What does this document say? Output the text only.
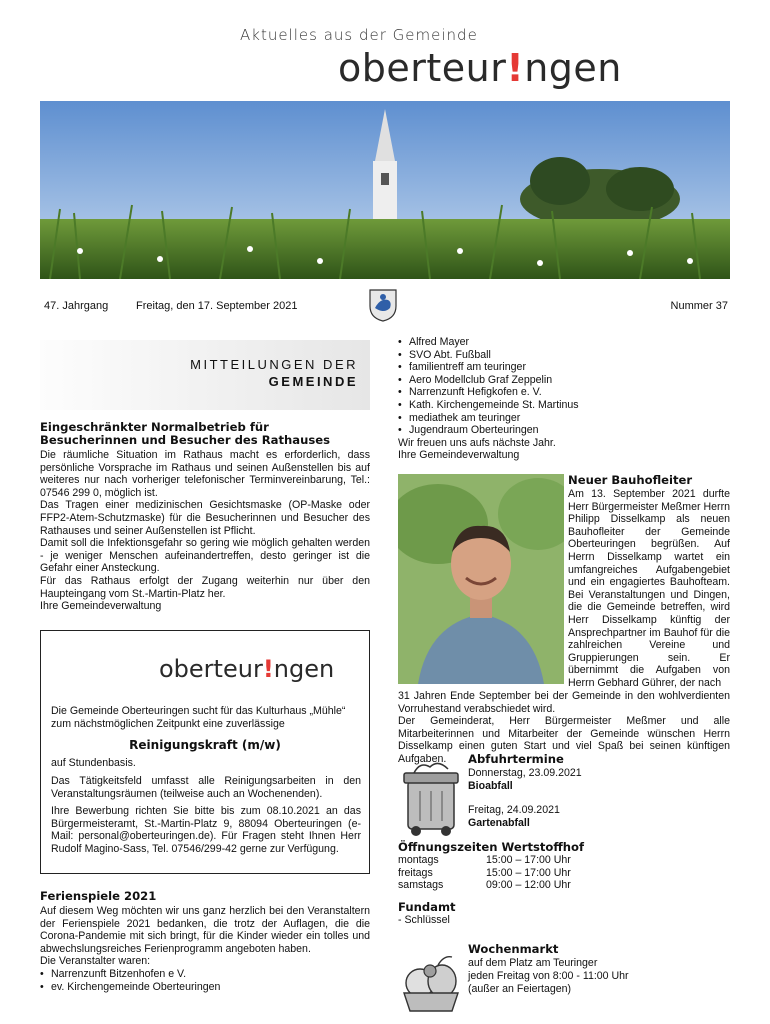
Aktuelles aus der Gemeinde
oberteur!ngen
47. Jahrgang	Freitag, den 17. September 2021	Nummer 37
MITTEILUNGEN DER
GEMEINDE
Eingeschränkter Normalbetrieb für Besucherinnen und Besucher des Rathauses
Die räumliche Situation im Rathaus macht es erforderlich, dass persönliche Vorsprache im Rathaus und seinen Außenstellen bis auf weiteres nur nach vorheriger telefonischer Terminvereinbarung, Tel.: 07546 299 0, möglich ist.
Das Tragen einer medizinischen Gesichtsmaske (OP-Maske oder FFP2-Atem-Schutzmaske) für die Besucherinnen und Besucher des Rathauses und seiner Außenstellen ist Pflicht.
Damit soll die Infektionsgefahr so gering wie möglich gehalten werden - je weniger Menschen aufeinandertreffen, desto geringer ist die Gefahr einer Ansteckung.
Für das Rathaus erfolgt der Zugang weiterhin nur über den Haupteingang vom St.-Martin-Platz her.
Ihre Gemeindeverwaltung
oberteur!ngen
Die Gemeinde Oberteuringen sucht für das Kulturhaus „Mühle“ zum nächstmöglichen Zeitpunkt eine zuverlässige
Reinigungskraft (m/w)
auf Stundenbasis.
Das Tätigkeitsfeld umfasst alle Reinigungsarbeiten in den Veranstaltungsräumen (teilweise auch an Wochenenden).
Ihre Bewerbung richten Sie bitte bis zum 08.10.2021 an das Bürgermeisteramt, St.-Martin-Platz 9, 88094 Oberteuringen (e-Mail: personal@oberteuringen.de). Für Fragen steht Ihnen Herr Rudolf Magino-Sass, Tel. 07546/299-42 gerne zur Verfügung.
Ferienspiele 2021
Auf diesem Weg möchten wir uns ganz herzlich bei den Veranstaltern der Ferienspiele 2021 bedanken, die trotz der Auflagen, die die Corona-Pandemie mit sich bringt, für die Kinder wieder ein tolles und abwechslungsreiches Ferienprogramm angeboten haben.
Die Veranstalter waren:
• Narrenzunft Bitzenhofen e V.
• ev. Kirchengemeinde Oberteuringen
• Alfred Mayer
• SVO Abt. Fußball
• familientreff am teuringer
• Aero Modellclub Graf Zeppelin
• Narrenzunft Hefigkofen e. V.
• Kath. Kirchengemeinde St. Martinus
• mediathek am teuringer
• Jugendraum Oberteuringen
Wir freuen uns aufs nächste Jahr.
Ihre Gemeindeverwaltung
Neuer Bauhofleiter
Am 13. September 2021 durfte Herr Bürgermeister Meßmer Herrn Philipp Disselkamp als neuen Bauhofleiter der Gemeinde Oberteuringen begrüßen. Auf Herrn Disselkamp wartet ein umfangreiches Aufgabengebiet und ein engagiertes Bauhofteam. Bei Veranstaltungen und Dingen, die die Gemeinde betreffen, wird Herr Disselkamp künftig der Ansprechpartner im Bauhof für die zahlreichen Vereine und Gruppierungen sein. Er übernimmt die Aufgaben von Herrn Gebhard Gührer, der nach
31 Jahren Ende September bei der Gemeinde in den wohlverdienten Vorruhestand verabschiedet wird.
Der Gemeinderat, Herr Bürgermeister Meßmer und alle Mitarbeiterinnen und Mitarbeiter der Gemeinde wünschen Herrn Disselkamp einen guten Start und viel Spaß bei seinen künftigen Aufgaben.	Abfuhrtermine
Donnerstag, 23.09.2021
Bioabfall
Freitag, 24.09.2021
Gartenabfall
Öffnungszeiten Wertstoffhof
montags	15:00 – 17:00 Uhr
freitags	15:00 – 17:00 Uhr
samstags	09:00 – 12:00 Uhr
Fundamt
- Schlüssel
Wochenmarkt
auf dem Platz am Teuringer
jeden Freitag von 8:00 - 11:00 Uhr
(außer an Feiertagen)
